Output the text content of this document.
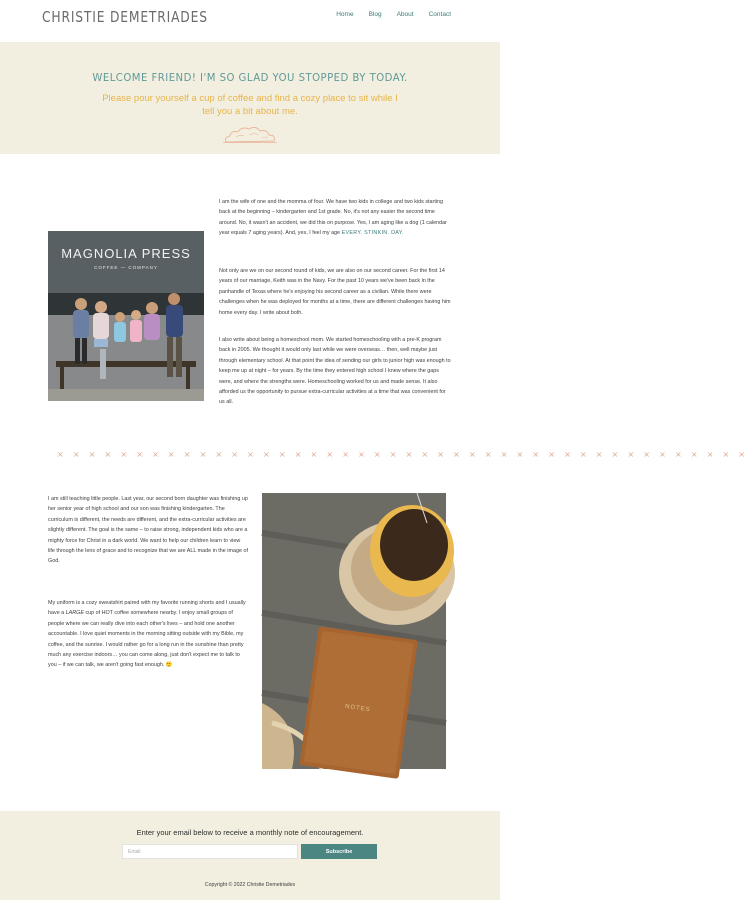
CHRISTIE DEMETRIADES	Home Blog About Contact
WELCOME FRIEND! I'M SO GLAD YOU STOPPED BY TODAY.
Please pour yourself a cup of coffee and find a cozy place to sit while I tell you a bit about me.
MAGNOLIA PRESS
COFFEE — COMPANY

I am the wife of one and the momma of four. We have two kids in college and two kids starting back at the beginning – kindergarten and 1st grade. No, it's not any easier the second time around. No, it wasn't an accident, we did this on purpose. Yes, I am aging like a dog (1 calendar year equals 7 aging years). And, yes, I feel my age EVERY. STINKIN. DAY.

Not only are we on our second round of kids, we are also on our second career. For the first 14 years of our marriage, Keith was in the Navy. For the past 10 years we've been back in the panhandle of Texas where he's enjoying his second career as a civilian. While there were challenges when he was deployed for months at a time, there are different challenges having him home every day. I write about both.

I also write about being a homeschool mom. We started homeschooling with a pre-K program back in 2005. We thought it would only last while we were overseas… then, well maybe just through elementary school. At that point the idea of sending our girls to junior high was enough to keep me up at night – for years. By the time they entered high school I knew where the gaps were, and where the strengths were. Homeschooling worked for us and made sense. It also afforded us the opportunity to pursue extra-curricular activities at a time that was convenient for us all.

× × × × × × × × × × × × × × × × × × × × × × × × × × × × × × × × × × × × × × × × × × × ×

I am still teaching little people. Last year, our second born daughter was finishing up her senior year of high school and our son was finishing kindergarten. The curriculum is different, the needs are different, and the extra-curricular activities are slightly different. The goal is the same – to raise strong, independent kids who are a mighty force for Christ in a dark world. We want to help our children learn to view life through the lens of grace and to recognize that we are ALL made in the image of God.

My uniform is a cozy sweatshirt paired with my favorite running shorts and I usually have a LARGE cup of HOT coffee somewhere nearby. I enjoy small groups of people where we can really dive into each other's lives – and hold one another accountable. I love quiet moments in the morning sitting outside with my Bible, my coffee, and the sunrise. I would rather go for a long run in the sunshine than pretty much any exercise indoors… you can come along, just don't expect me to talk to you – if we can talk, we aren't going fast enough. 🙂

NOTES
Enter your email below to receive a monthly note of encouragement.
Email
Subscribe
Copyright © 2022 Christie Demetriades
